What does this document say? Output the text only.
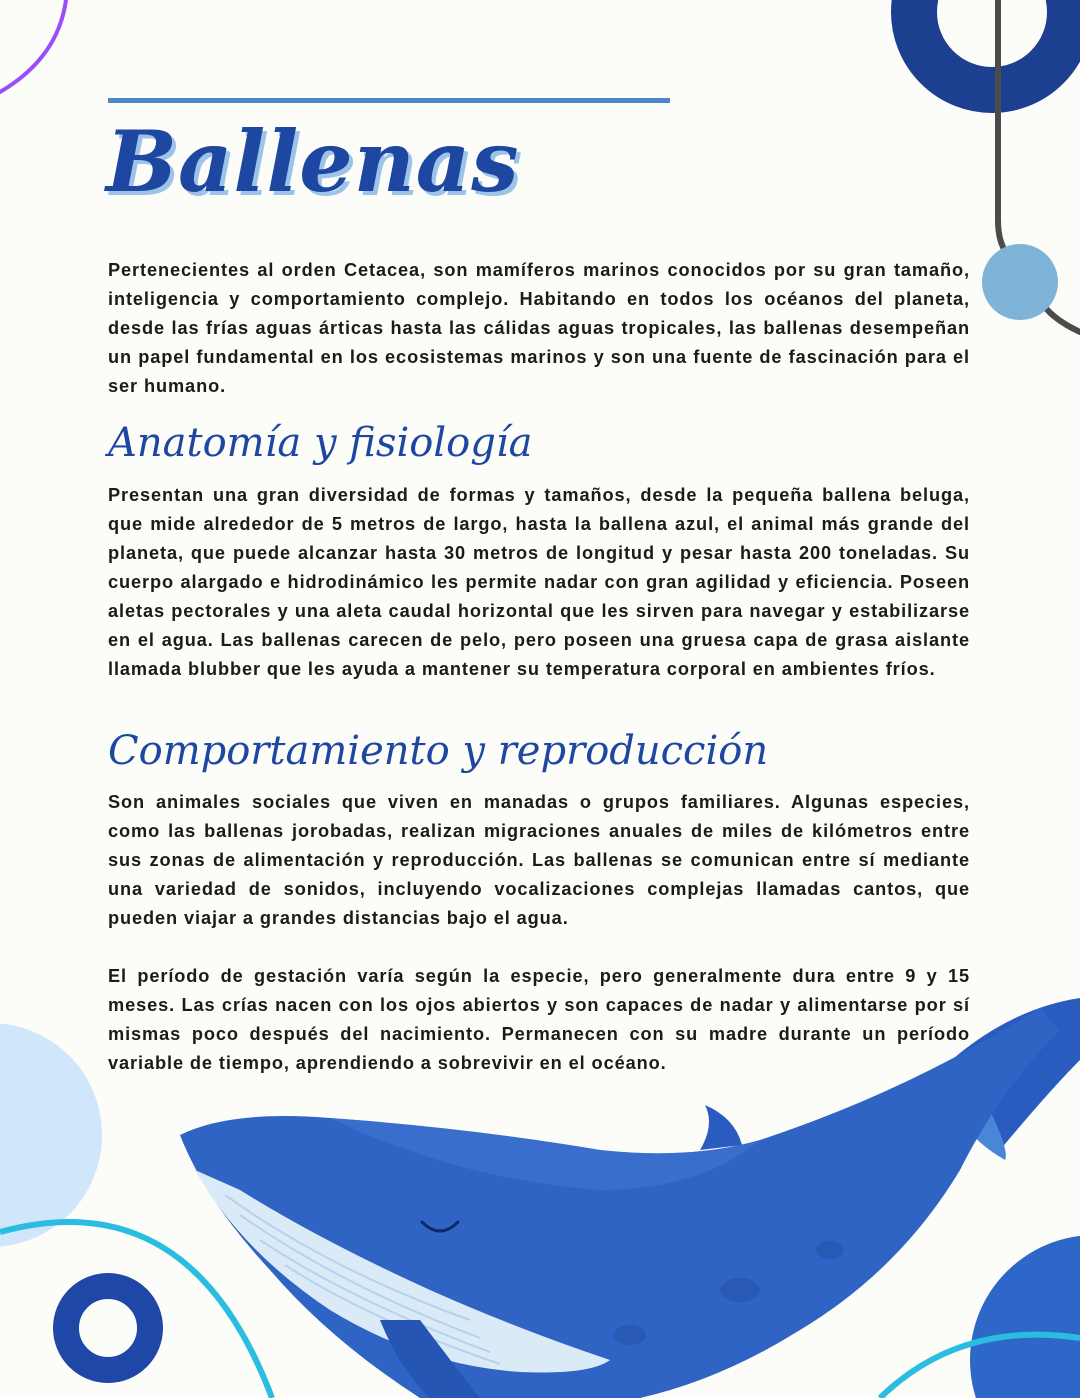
Ballenas

Pertenecientes al orden Cetacea, son mamíferos marinos conocidos por su gran tamaño, inteligencia y comportamiento complejo. Habitando en todos los océanos del planeta, desde las frías aguas árticas hasta las cálidas aguas tropicales, las ballenas desempeñan un papel fundamental en los ecosistemas marinos y son una fuente de fascinación para el ser humano.

Anatomía y fisiología

Presentan una gran diversidad de formas y tamaños, desde la pequeña ballena beluga, que mide alrededor de 5 metros de largo, hasta la ballena azul, el animal más grande del planeta, que puede alcanzar hasta 30 metros de longitud y pesar hasta 200 toneladas. Su cuerpo alargado e hidrodinámico les permite nadar con gran agilidad y eficiencia. Poseen aletas pectorales y una aleta caudal horizontal que les sirven para navegar y estabilizarse en el agua. Las ballenas carecen de pelo, pero poseen una gruesa capa de grasa aislante llamada blubber que les ayuda a mantener su temperatura corporal en ambientes fríos.

Comportamiento y reproducción

Son animales sociales que viven en manadas o grupos familiares. Algunas especies, como las ballenas jorobadas, realizan migraciones anuales de miles de kilómetros entre sus zonas de alimentación y reproducción. Las ballenas se comunican entre sí mediante una variedad de sonidos, incluyendo vocalizaciones complejas llamadas cantos, que pueden viajar a grandes distancias bajo el agua.

El período de gestación varía según la especie, pero generalmente dura entre 9 y 15 meses. Las crías nacen con los ojos abiertos y son capaces de nadar y alimentarse por sí mismas poco después del nacimiento. Permanecen con su madre durante un período variable de tiempo, aprendiendo a sobrevivir en el océano.
